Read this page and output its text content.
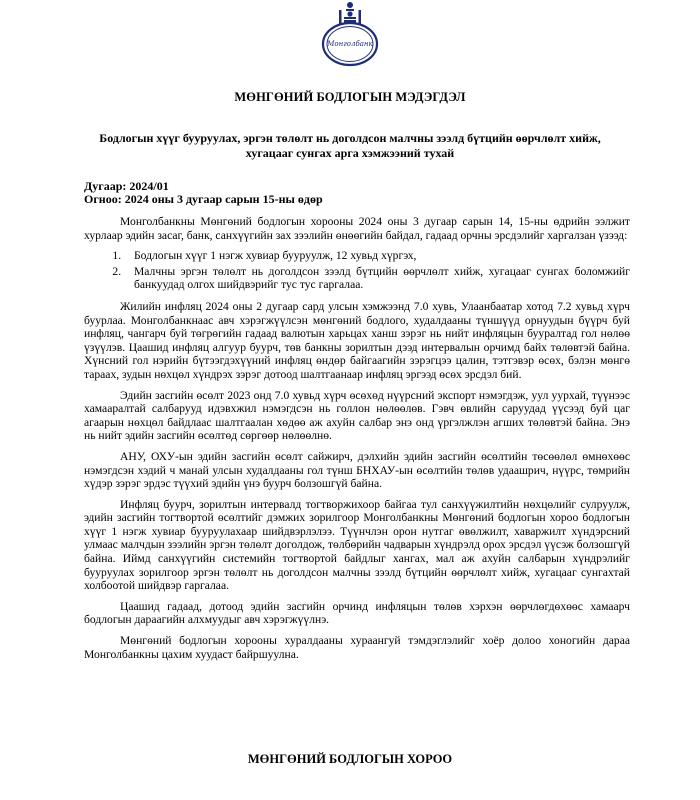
Монголбанк
МӨНГӨНИЙ БОДЛОГЫН МЭДЭГДЭЛ
Бодлогын хүүг бууруулах, эргэн төлөлт нь доголдсон малчны зээлд бүтцийн өөрчлөлт хийж,
хугацааг сунгах арга хэмжээний тухай
Дугаар: 2024/01
Огноо: 2024 оны 3 дугаар сарын 15-ны өдөр

Монголбанкны Мөнгөний бодлогын хорооны 2024 оны 3 дугаар сарын 14, 15-ны өдрийн ээлжит хурлаар эдийн засаг, банк, санхүүгийн зах зээлийн өнөөгийн байдал, гадаад орчны эрсдэлийг харгалзан үзээд:

1. Бодлогын хүүг 1 нэгж хувиар бууруулж, 12 хувьд хүргэх,
2. Малчны эргэн төлөлт нь доголдсон зээлд бүтцийн өөрчлөлт хийж, хугацааг сунгах боломжийг банкуудад олгох шийдвэрийг тус тус гаргалаа.

Жилийн инфляц 2024 оны 2 дугаар сард улсын хэмжээнд 7.0 хувь, Улаанбаатар хотод 7.2 хувьд хүрч буурлаа. Монголбанкнаас авч хэрэгжүүлсэн мөнгөний бодлого, худалдааны түншүүд орнуудын бүүрч буй инфляц, чангарч буй төгрөгийн гадаад валютын харьцах ханш зэрэг нь нийт инфляцын бууралтад гол нөлөө үзүүлэв. Цаашид инфляц алгуур буурч, төв банкны зорилтын дээд интервалын орчимд байх төлөвтэй байна. Хүнсний гол нэрийн бүтээгдэхүүний инфляц өндөр байгаагийн зэрэгцээ цалин, тэтгэвэр өсөх, бэлэн мөнгө тараах, зудын нөхцөл хүндрэх зэрэг дотоод шалтгаанаар инфляц эргээд өсөх эрсдэл бий.

Эдийн засгийн өсөлт 2023 онд 7.0 хувьд хүрч өсөхөд нүүрсний экспорт нэмэгдэж, уул уурхай, түүнээс хамааралтай салбарууд идэвхжил нэмэгдсэн нь голлон нөлөөлөв. Гэвч өвлийн саруудад үүсээд буй цаг агаарын нөхцөл байдлаас шалтгаалан хөдөө аж ахуйн салбар энэ онд үргэлжлэн агших төлөвтэй байна. Энэ нь нийт эдийн засгийн өсөлтөд сөргөөр нөлөөлнө.

АНУ, ОХУ-ын эдийн засгийн өсөлт сайжирч, дэлхийн эдийн засгийн өсөлтийн төсөөлөл өмнөхөөс нэмэгдсэн хэдий ч манай улсын худалдааны гол түнш БНХАУ-ын өсөлтийн төлөв удаашрич, нүүрс, төмрийн хүдэр зэрэг эрдэс түүхий эдийн үнэ буурч болзошгүй байна.

Инфляц буурч, зорилтын интервалд тогтворжихоор байгаа тул санхүүжилтийн нөхцөлийг сулруулж, эдийн засгийн тогтвортой өсөлтийг дэмжих зорилгоор Монголбанкны Мөнгөний бодлогын хороо бодлогын хүүг 1 нэгж хувиар бууруулахаар шийдвэрлэлээ. Түүнчлэн орон нутгаг өвөлжилт, хаваржилт хүндэрсний улмаас малчдын зээлийн эргэн төлөлт доголдож, төлбөрийн чадварын хүндрэлд орох эрсдэл үүсэж болзошгүй байна. Иймд санхүүгийн системийн тогтвортой байдлыг хангах, мал аж ахуйн салбарын хүндрэлийг бууруулах зорилгоор эргэн төлөлт нь доголдсон малчны зээлд бүтцийн өөрчлөлт хийж, хугацааг сунгахтай холбоотой шийдвэр гаргалаа.

Цаашид гадаад, дотоод эдийн засгийн орчинд инфляцын төлөв хэрхэн өөрчлөгдөхөөс хамаарч бодлогын дараагийн алхмуудыг авч хэрэгжүүлнэ.

Мөнгөний бодлогын хорооны хуралдааны хураангуй тэмдэглэлийг хоёр долоо хоногийн дараа Монголбанкны цахим хуудаст байршуулна.

МӨНГӨНИЙ БОДЛОГЫН ХОРОО
